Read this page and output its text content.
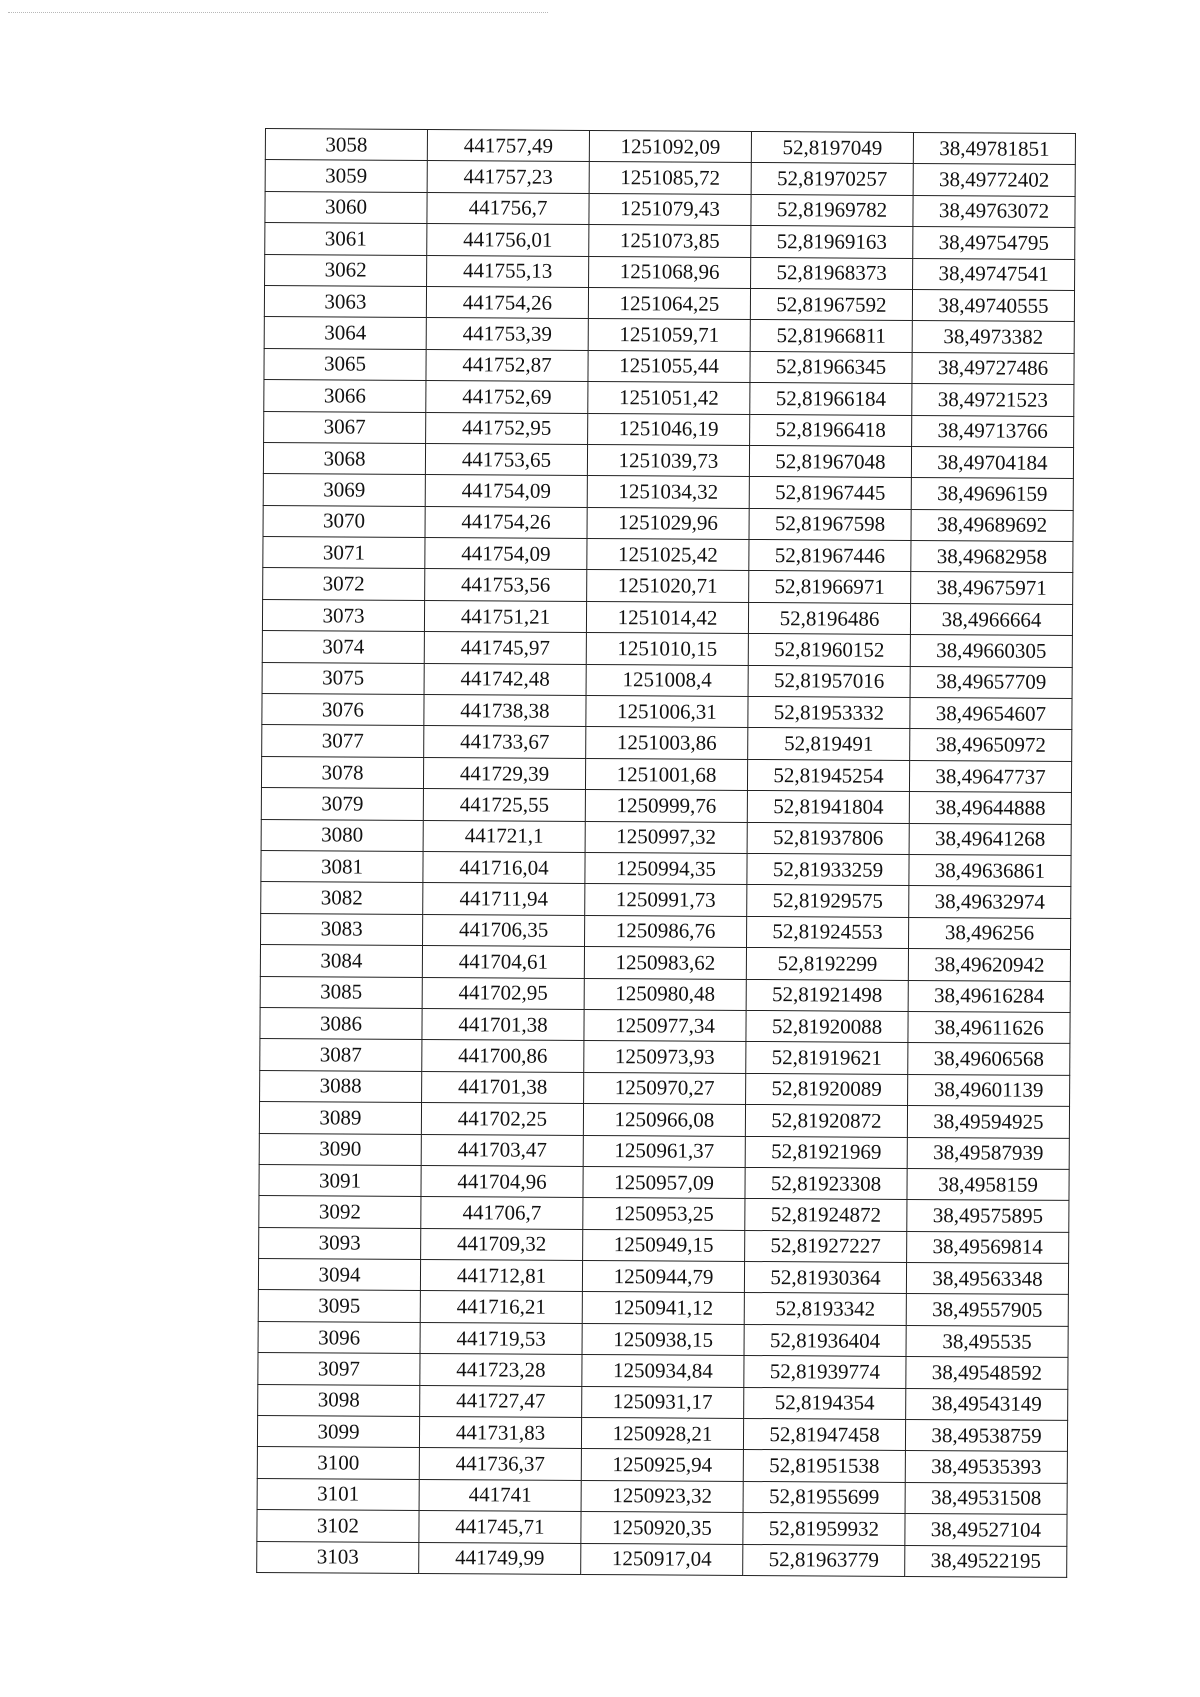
3058	441757,49	1251092,09	52,8197049	38,49781851
3059	441757,23	1251085,72	52,81970257	38,49772402
3060	441756,7	1251079,43	52,81969782	38,49763072
3061	441756,01	1251073,85	52,81969163	38,49754795
3062	441755,13	1251068,96	52,81968373	38,49747541
3063	441754,26	1251064,25	52,81967592	38,49740555
3064	441753,39	1251059,71	52,81966811	38,4973382
3065	441752,87	1251055,44	52,81966345	38,49727486
3066	441752,69	1251051,42	52,81966184	38,49721523
3067	441752,95	1251046,19	52,81966418	38,49713766
3068	441753,65	1251039,73	52,81967048	38,49704184
3069	441754,09	1251034,32	52,81967445	38,49696159
3070	441754,26	1251029,96	52,81967598	38,49689692
3071	441754,09	1251025,42	52,81967446	38,49682958
3072	441753,56	1251020,71	52,81966971	38,49675971
3073	441751,21	1251014,42	52,8196486	38,4966664
3074	441745,97	1251010,15	52,81960152	38,49660305
3075	441742,48	1251008,4	52,81957016	38,49657709
3076	441738,38	1251006,31	52,81953332	38,49654607
3077	441733,67	1251003,86	52,819491	38,49650972
3078	441729,39	1251001,68	52,81945254	38,49647737
3079	441725,55	1250999,76	52,81941804	38,49644888
3080	441721,1	1250997,32	52,81937806	38,49641268
3081	441716,04	1250994,35	52,81933259	38,49636861
3082	441711,94	1250991,73	52,81929575	38,49632974
3083	441706,35	1250986,76	52,81924553	38,496256
3084	441704,61	1250983,62	52,8192299	38,49620942
3085	441702,95	1250980,48	52,81921498	38,49616284
3086	441701,38	1250977,34	52,81920088	38,49611626
3087	441700,86	1250973,93	52,81919621	38,49606568
3088	441701,38	1250970,27	52,81920089	38,49601139
3089	441702,25	1250966,08	52,81920872	38,49594925
3090	441703,47	1250961,37	52,81921969	38,49587939
3091	441704,96	1250957,09	52,81923308	38,4958159
3092	441706,7	1250953,25	52,81924872	38,49575895
3093	441709,32	1250949,15	52,81927227	38,49569814
3094	441712,81	1250944,79	52,81930364	38,49563348
3095	441716,21	1250941,12	52,8193342	38,49557905
3096	441719,53	1250938,15	52,81936404	38,495535
3097	441723,28	1250934,84	52,81939774	38,49548592
3098	441727,47	1250931,17	52,8194354	38,49543149
3099	441731,83	1250928,21	52,81947458	38,49538759
3100	441736,37	1250925,94	52,81951538	38,49535393
3101	441741	1250923,32	52,81955699	38,49531508
3102	441745,71	1250920,35	52,81959932	38,49527104
3103	441749,99	1250917,04	52,81963779	38,49522195
